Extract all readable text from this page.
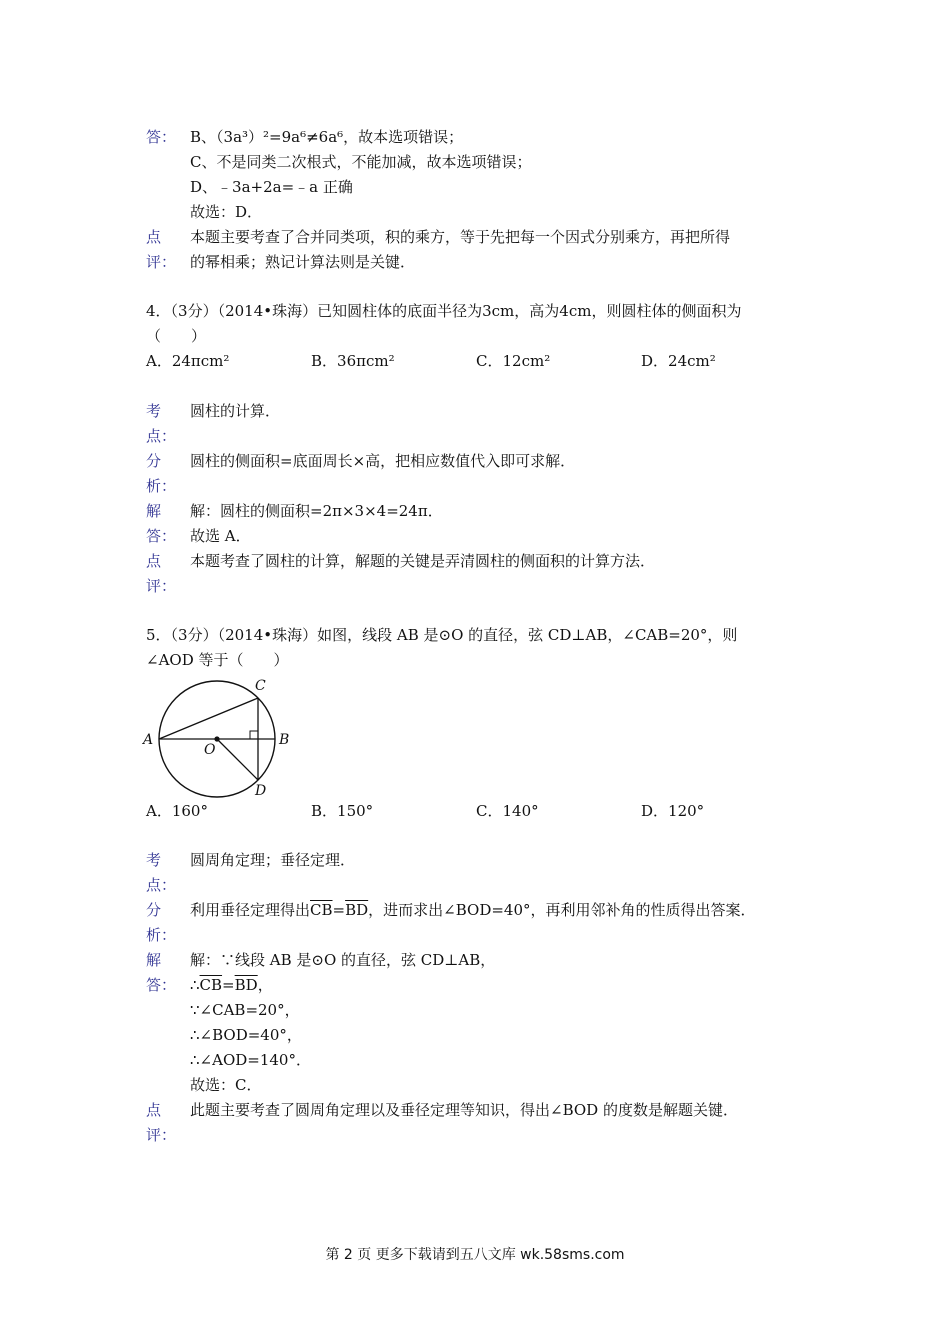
答： B、（3a³）²=9a⁶≠6a⁶，故本选项错误；
C、不是同类二次根式，不能加减，故本选项错误；
D、﹣3a+2a=﹣a 正确
故选：D．
点
评：
本题主要考查了合并同类项，积的乘方，等于先把每一个因式分别乘方，再把所得
的幂相乘；熟记计算法则是关键．
4．（3分）（2014•珠海）已知圆柱体的底面半径为3cm，高为4cm，则圆柱体的侧面积为
（　　）
A．24πcm²	B．36πcm²	C．12cm²	D．24cm²
考
点：
圆柱的计算．
分
析：
圆柱的侧面积=底面周长×高，把相应数值代入即可求解．
解
答：
解：圆柱的侧面积=2π×3×4=24π．
故选 A．
点
评：
本题考查了圆柱的计算，解题的关键是弄清圆柱的侧面积的计算方法．
5．（3分）（2014•珠海）如图，线段 AB 是⊙O 的直径，弦 CD⊥AB，∠CAB=20°，则
∠AOD 等于（　　）
A	B
C
D
O
A．160°	B．150°	C．140°	D．120°
考
点：
圆周角定理；垂径定理．
分
析：
利用垂径定理得出$\overline{CB}=\overline{BD}$，进而求出∠BOD=40°，再利用邻补角的性质得出答案．
解
答：
解：∵线段 AB 是⊙O 的直径，弦 CD⊥AB，
$\therefore\overline{CB}=\overline{BD}$，
∵∠CAB=20°，
∴∠BOD=40°，
∴∠AOD=140°．
故选：C．
点
评：
此题主要考查了圆周角定理以及垂径定理等知识，得出∠BOD 的度数是解题关键．
第 2 页 更多下载请到五八文库 wk.58sms.com
